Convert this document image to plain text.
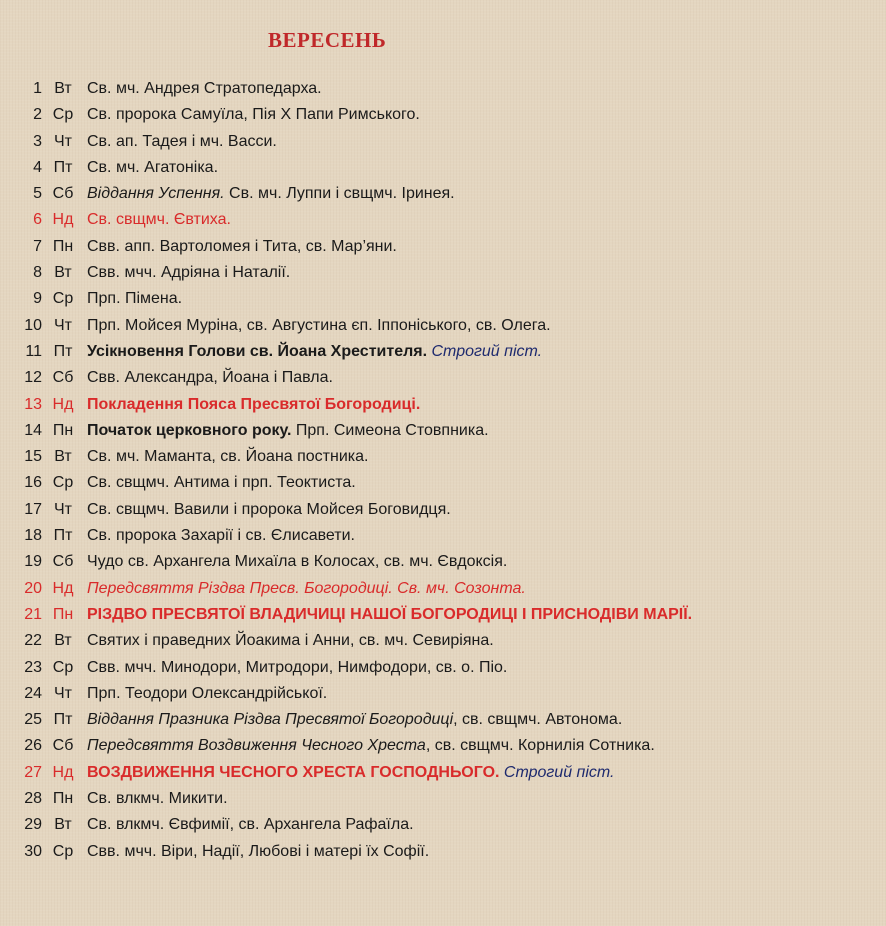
ВЕРЕСЕНЬ
1 Вт Св. мч. Андрея Стратопедарха.
2 Ср Св. пророка Самуїла, Пія Х Папи Римського.
3 Чт Св. ап. Тадея і мч. Васси.
4 Пт Св. мч. Агатоніка.
5 Сб Віддання Успення. Св. мч. Луппи і свщмч. Іринея.
6 Нд Св. свщмч. Євтиха.
7 Пн Свв. апп. Вартоломея і Тита, св. Мар’яни.
8 Вт Свв. мчч. Адріяна і Наталії.
9 Ср Прп. Пімена.
10 Чт Прп. Мойсея Муріна, св. Августина єп. Іппоніського, св. Олега.
11 Пт Усікновення Голови св. Йоана Хрестителя. Строгий піст.
12 Сб Свв. Александра, Йоана і Павла.
13 Нд Покладення Пояса Пресвятої Богородиці.
14 Пн Початок церковного року. Прп. Симеона Стовпника.
15 Вт Св. мч. Маманта, св. Йоана постника.
16 Ср Св. свщмч. Антима і прп. Теоктиста.
17 Чт Св. свщмч. Вавили і пророка Мойсея Боговидця.
18 Пт Св. пророка Захарії і св. Єлисавети.
19 Сб Чудо св. Архангела Михаїла в Колосах, св. мч. Євдоксія.
20 Нд Передсвяття Різдва Пресв. Богородиці. Св. мч. Созонта.
21 Пн РІЗДВО ПРЕСВЯТОЇ ВЛАДИЧИЦІ НАШОЇ БОГОРОДИЦІ І ПРИСНОДІВИ МАРІЇ.
22 Вт Святих і праведних Йоакима і Анни, св. мч. Севиріяна.
23 Ср Свв. мчч. Минодори, Митродори, Нимфодори, св. о. Піо.
24 Чт Прп. Теодори Олександрійської.
25 Пт Віддання Празника Різдва Пресвятої Богородиці, св. свщмч. Автонома.
26 Сб Передсвяття Воздвиження Чесного Хреста, св. свщмч. Корнилія Сотника.
27 Нд ВОЗДВИЖЕННЯ ЧЕСНОГО ХРЕСТА ГОСПОДНЬОГО. Строгий піст.
28 Пн Св. влкмч. Микити.
29 Вт Св. влкмч. Євфимії, св. Архангела Рафаїла.
30 Ср Свв. мчч. Віри, Надії, Любові і матері їх Софії.
